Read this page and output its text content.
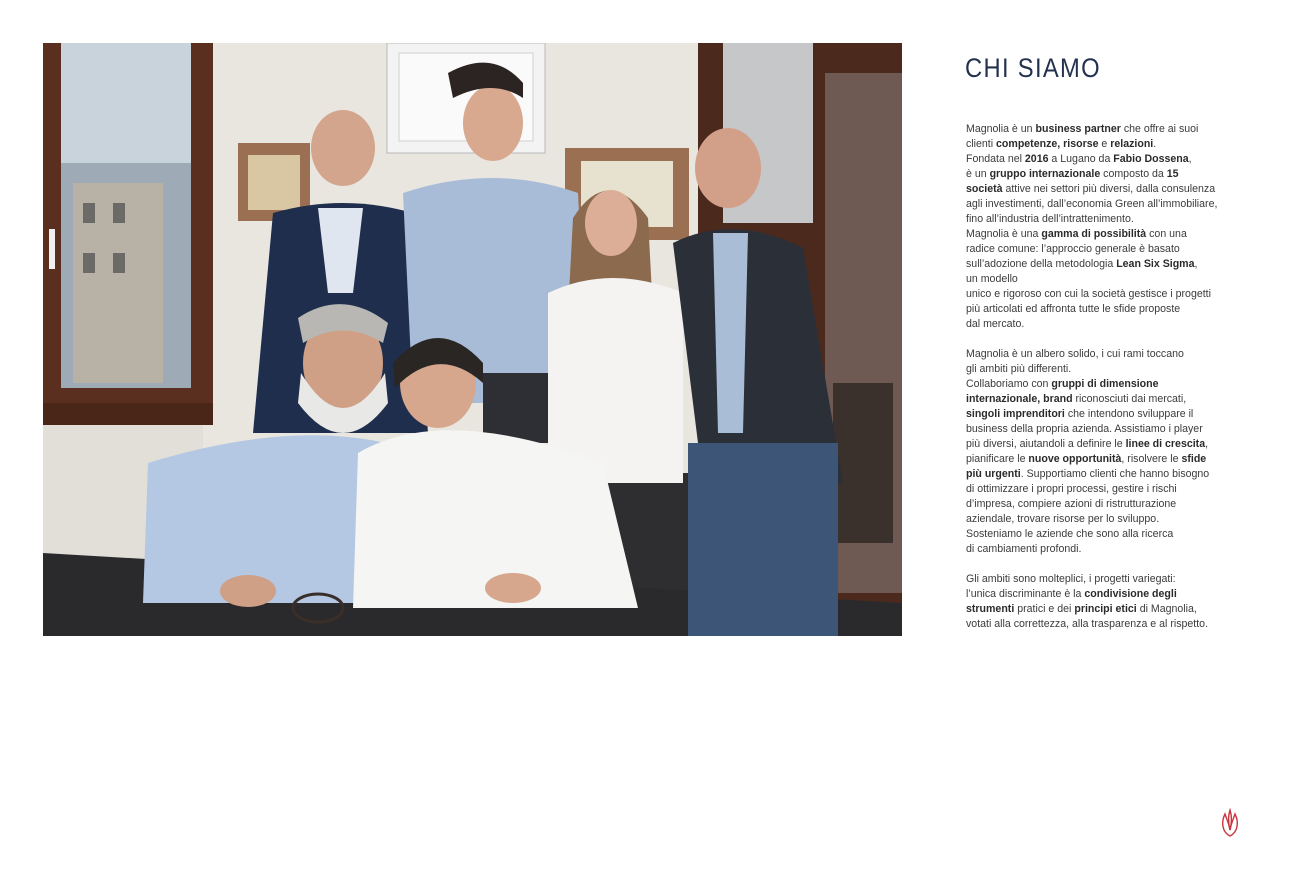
CHI SIAMO

Magnolia è un business partner che offre ai suoi
clienti competenze, risorse e relazioni.
Fondata nel 2016 a Lugano da Fabio Dossena,
è un gruppo internazionale composto da 15
società attive nei settori più diversi, dalla consulenza
agli investimenti, dall’economia Green all’immobiliare,
fino all’industria dell’intrattenimento.
Magnolia è una gamma di possibilità con una
radice comune: l’approccio generale è basato
sull’adozione della metodologia Lean Six Sigma,
un modello
unico e rigoroso con cui la società gestisce i progetti
più articolati ed affronta tutte le sfide proposte
dal mercato.

Magnolia è un albero solido, i cui rami toccano
gli ambiti più differenti.
Collaboriamo con gruppi di dimensione
internazionale, brand riconosciuti dai mercati,
singoli imprenditori che intendono sviluppare il
business della propria azienda. Assistiamo i player
più diversi, aiutandoli a definire le linee di crescita,
pianificare le nuove opportunità, risolvere le sfide
più urgenti. Supportiamo clienti che hanno bisogno
di ottimizzare i propri processi, gestire i rischi
d’impresa, compiere azioni di ristrutturazione
aziendale, trovare risorse per lo sviluppo.
Sosteniamo le aziende che sono alla ricerca
di cambiamenti profondi.

Gli ambiti sono molteplici, i progetti variegati:
l’unica discriminante è la condivisione degli
strumenti pratici e dei principi etici di Magnolia,
votati alla correttezza, alla trasparenza e al rispetto.
